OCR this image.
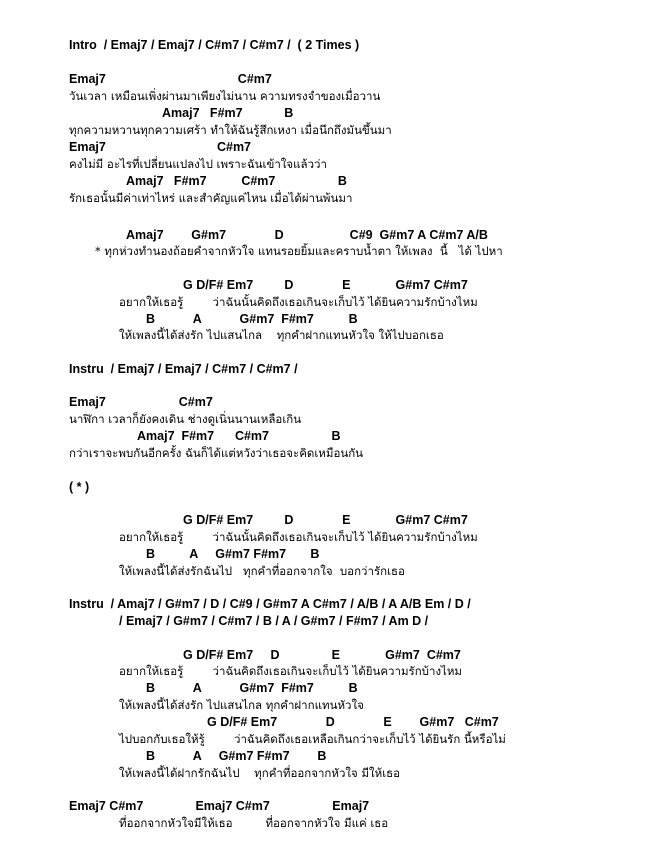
Intro  / Emaj7 / Emaj7 / C#m7 / C#m7 /  ( 2 Times )
Emaj7                                      C#m7
วันเวลา เหมือนเพิ่งผ่านมาเพียงไม่นาน ความทรงจำของเมื่อวาน
Amaj7   F#m7            B
ทุกความหวานทุกความเศร้า ทำให้ฉันรู้สึกเหงา เมื่อนึกถึงมันขึ้นมา
Emaj7                                C#m7
คงไม่มี อะไรที่เปลี่ยนแปลงไป เพราะฉันเข้าใจแล้วว่า
Amaj7   F#m7          C#m7                  B
รักเธอนั้นมีค่าเท่าไหร่ และสำคัญแค่ไหน เมื่อได้ผ่านพ้นมา
Amaj7        G#m7              D                   C#9  G#m7 A C#m7 A/B
* ทุกห่วงทำนองถ้อยคำจากหัวใจ แทนรอยยิ้มและคราบน้ำตา ให้เพลง  นี้   ได้ ไปหา
G D/F# Em7         D              E             G#m7 C#m7
อยากให้เธอรู้        ว่าฉันนั้นคิดถึงเธอเกินจะเก็บไว้ ได้ยินความรักบ้างไหม
B           A           G#m7  F#m7          B
ให้เพลงนี้ได้ส่งรัก ไปแสนไกล    ทุกคำฝากแทนหัวใจ ให้ไปบอกเธอ
Instru  / Emaj7 / Emaj7 / C#m7 / C#m7 /
Emaj7                     C#m7
นาฬิกา เวลาก็ยังคงเดิน ช่างดูเนิ่นนานเหลือเกิน
Amaj7  F#m7      C#m7                  B
กว่าเราจะพบกันอีกครั้ง ฉันก็ได้แต่หวังว่าเธอจะคิดเหมือนกัน
( * )
G D/F# Em7         D              E             G#m7 C#m7
อยากให้เธอรู้        ว่าฉันนั้นคิดถึงเธอเกินจะเก็บไว้ ได้ยินความรักบ้างไหม
B          A     G#m7 F#m7       B
ให้เพลงนี้ได้ส่งรักฉันไป   ทุกคำที่ออกจากใจ  บอกว่ารักเธอ
Instru  / Amaj7 / G#m7 / D / C#9 / G#m7 A C#m7 / A/B / A A/B Em / D /
/ Emaj7 / G#m7 / C#m7 / B / A / G#m7 / F#m7 / Am D /
G D/F# Em7     D               E             G#m7  C#m7
อยากให้เธอรู้        ว่าฉันคิดถึงเธอเกินจะเก็บไว้ ได้ยินความรักบ้างไหม
B           A           G#m7  F#m7          B
ให้เพลงนี้ได้ส่งรัก ไปแสนไกล ทุกคำฝากแทนหัวใจ
G D/F# Em7              D              E        G#m7   C#m7
ไปบอกกับเธอให้รู้        ว่าฉันคิดถึงเธอเหลือเกินกว่าจะเก็บไว้ ได้ยินรัก นี้หรือไม่
B           A     G#m7 F#m7        B
ให้เพลงนี้ได้ฝากรักฉันไป    ทุกคำที่ออกจากหัวใจ มีให้เธอ
Emaj7 C#m7               Emaj7 C#m7                  Emaj7
ที่ออกจากหัวใจมีให้เธอ         ที่ออกจากหัวใจ มีแค่ เธอ
